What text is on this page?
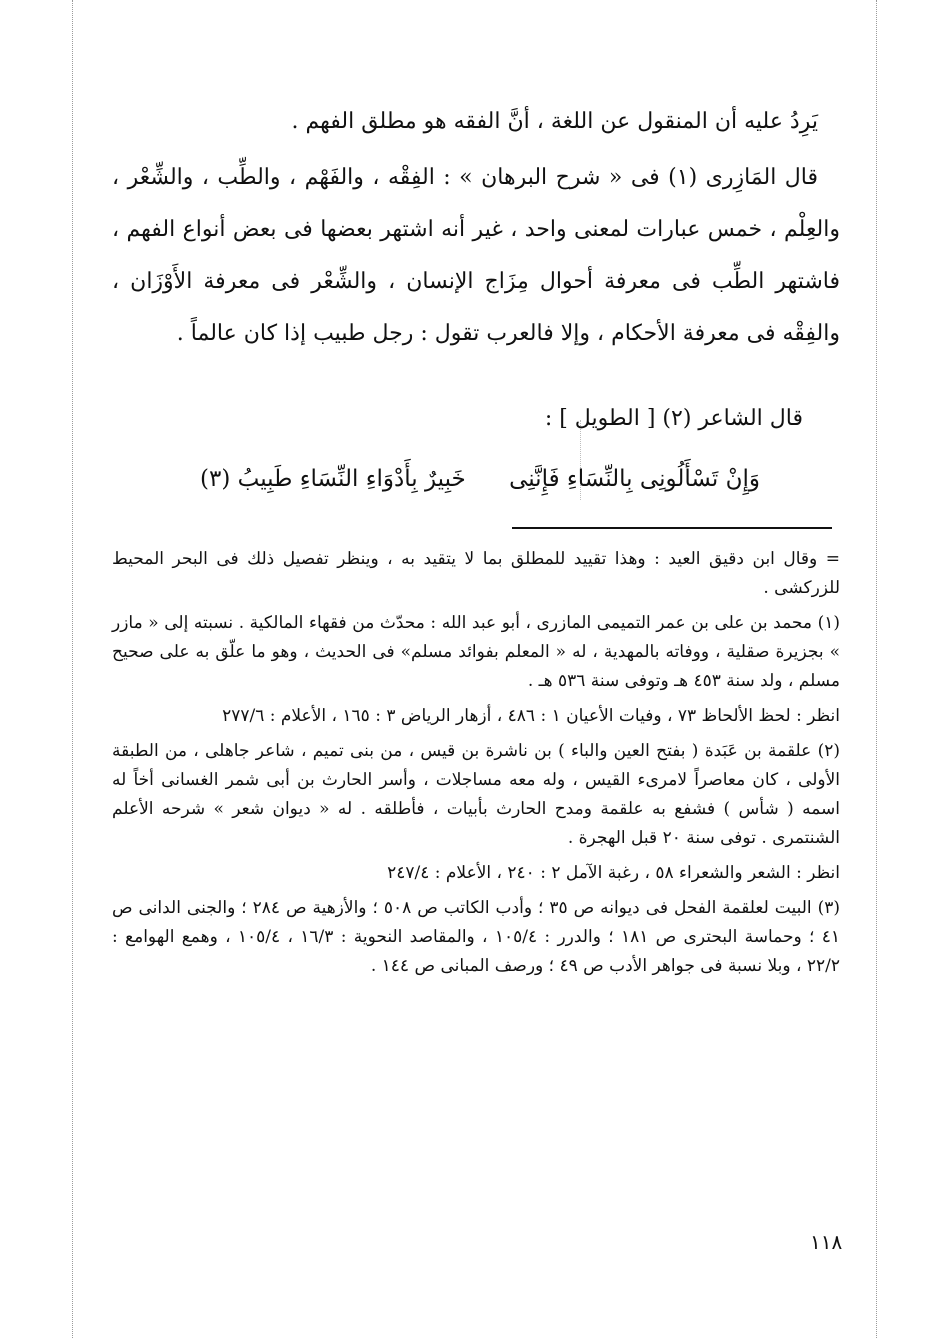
يَرِدُ عليه أن المنقول عن اللغة ، أنَّ الفقه هو مطلق الفهم .

قال المَازِرى (١) فى « شرح البرهان » : الفِقْه ، والفَهْم ، والطِّب ، والشِّعْر ، والعِلْم ، خمس عبارات لمعنى واحد ، غير أنه اشتهر بعضها فى بعض أنواع الفهم ، فاشتهر الطِّب فى معرفة أحوال مِزَاج الإنسان ، والشِّعْر فى معرفة الأَوْزَان ، والفِقْه فى معرفة الأحكام ، وإلا فالعرب تقول : رجل طبيب إذا كان عالماً .

قال الشاعر (٢) [ الطويل ] :
وَإِنْ تَسْأَلُونِى بِالنِّسَاءِ فَإِنَّنِى
خَبِيرٌ بِأَدْوَاءِ النِّسَاءِ طَبِيبُ (٣)

= وقال ابن دقيق العيد : وهذا تقييد للمطلق بما لا يتقيد به ، وينظر تفصيل ذلك فى البحر المحيط للزركشى .

(١) محمد بن على بن عمر التميمى المازرى ، أبو عبد الله : محدّث من فقهاء المالكية . نسبته إلى « مازر » بجزيرة صقلية ، ووفاته بالمهدية ، له « المعلم بفوائد مسلم» فى الحديث ، وهو ما علّق به على صحيح مسلم ، ولد سنة ٤٥٣ هـ وتوفى سنة ٥٣٦ هـ .

انظر : لحظ الألحاظ ٧٣ ، وفيات الأعيان ١ : ٤٨٦ ، أزهار الرياض ٣ : ١٦٥ ، الأعلام : ٢٧٧/٦

(٢) علقمة بن عَبَدة ( بفتح العين والباء ) بن ناشرة بن قيس ، من بنى تميم ، شاعر جاهلى ، من الطبقة الأولى ، كان معاصراً لامرىء القيس ، وله معه مساجلات ، وأسر الحارث بن أبى شمر الغسانى أخاً له اسمه ( شأس ) فشفع به علقمة ومدح الحارث بأبيات ، فأطلقه . له « ديوان شعر » شرحه الأعلم الشنتمرى . توفى سنة ٢٠ قبل الهجرة .

انظر : الشعر والشعراء ٥٨ ، رغبة الآمل ٢ : ٢٤٠ ، الأعلام : ٢٤٧/٤

(٣) البيت لعلقمة الفحل فى ديوانه ص ٣٥ ؛ وأدب الكاتب ص ٥٠٨ ؛ والأزهية ص ٢٨٤ ؛ والجنى الدانى ص ٤١ ؛ وحماسة البحترى ص ١٨١ ؛ والدرر : ١٠٥/٤ ، والمقاصد النحوية : ١٦/٣ ، ١٠٥/٤ ، وهمع الهوامع : ٢٢/٢ ، وبلا نسبة فى جواهر الأدب ص ٤٩ ؛ ورصف المبانى ص ١٤٤ .

١١٨
